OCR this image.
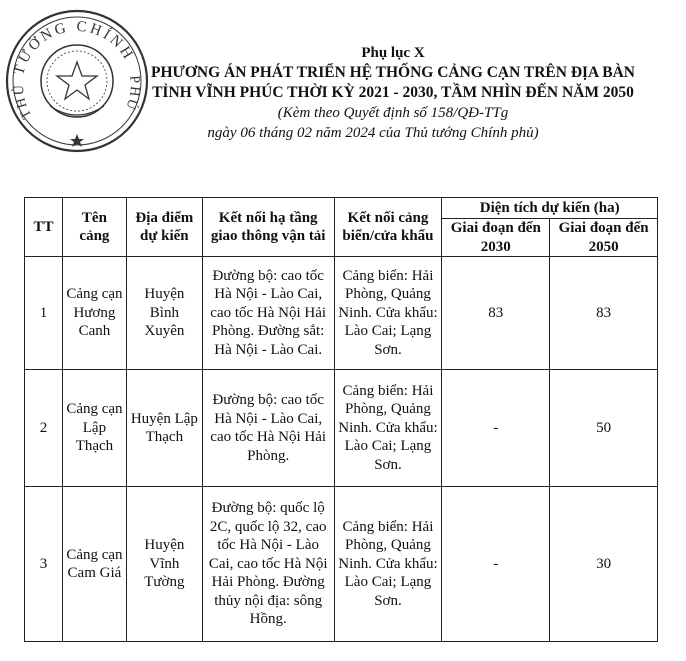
TƯỚNG CHÍNH
THỦ
PHỦ
Phụ lục X
PHƯƠNG ÁN PHÁT TRIỂN HỆ THỐNG CẢNG CẠN TRÊN ĐỊA BÀN
TỈNH VĨNH PHÚC THỜI KỲ 2021 - 2030, TẦM NHÌN ĐẾN NĂM 2050
(Kèm theo Quyết định số 158/QĐ-TTg
ngày 06 tháng 02 năm 2024 của Thủ tướng Chính phủ)
TT	Tên cảng	Địa điểm dự kiến	Kết nối hạ tầng giao thông vận tải	Kết nối cảng biển/cửa khẩu	Diện tích dự kiến (ha)	
					Giai đoạn đến 2030	Giai đoạn đến 2050
1	Cảng cạn Hương Canh	Huyện Bình Xuyên	Đường bộ: cao tốc Hà Nội - Lào Cai, cao tốc Hà Nội Hải Phòng. Đường sắt: Hà Nội - Lào Cai.	Cảng biển: Hải Phòng, Quảng Ninh. Cửa khẩu: Lào Cai; Lạng Sơn.	83	83
2	Cảng cạn Lập Thạch	Huyện Lập Thạch	Đường bộ: cao tốc Hà Nội - Lào Cai, cao tốc Hà Nội Hải Phòng.	Cảng biển: Hải Phòng, Quảng Ninh. Cửa khẩu: Lào Cai; Lạng Sơn.	-	50
3	Cảng cạn Cam Giá	Huyện Vĩnh Tường	Đường bộ: quốc lộ 2C, quốc lộ 32, cao tốc Hà Nội - Lào Cai, cao tốc Hà Nội Hải Phòng. Đường thủy nội địa: sông Hồng.	Cảng biển: Hải Phòng, Quảng Ninh. Cửa khẩu: Lào Cai; Lạng Sơn.	-	30
